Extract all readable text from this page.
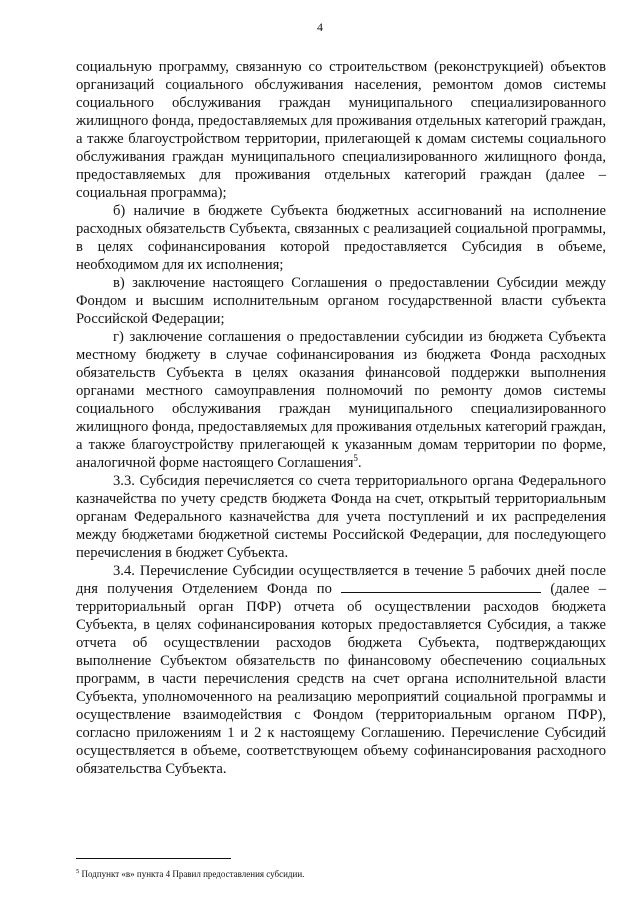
4

социальную программу, связанную со строительством (реконструкцией) объектов организаций социального обслуживания населения, ремонтом домов системы социального обслуживания граждан муниципального специализированного жилищного фонда, предоставляемых для проживания отдельных категорий граждан, а также благоустройством территории, прилегающей к домам системы социального обслуживания граждан муниципального специализированного жилищного фонда, предоставляемых для проживания отдельных категорий граждан (далее – социальная программа);

б) наличие в бюджете Субъекта бюджетных ассигнований на исполнение расходных обязательств Субъекта, связанных с реализацией социальной программы, в целях софинансирования которой предоставляется Субсидия в объеме, необходимом для их исполнения;

в) заключение настоящего Соглашения о предоставлении Субсидии между Фондом и высшим исполнительным органом государственной власти субъекта Российской Федерации;

г) заключение соглашения о предоставлении субсидии из бюджета Субъекта местному бюджету в случае софинансирования из бюджета Фонда расходных обязательств Субъекта в целях оказания финансовой поддержки выполнения органами местного самоуправления полномочий по ремонту домов системы социального обслуживания граждан муниципального специализированного жилищного фонда, предоставляемых для проживания отдельных категорий граждан, а также благоустройству прилегающей к указанным домам территории по форме, аналогичной форме настоящего Соглашения$^5$.

3.3. Субсидия перечисляется со счета территориального органа Федерального казначейства по учету средств бюджета Фонда на счет, открытый территориальным органам Федерального казначейства для учета поступлений и их распределения между бюджетами бюджетной системы Российской Федерации, для последующего перечисления в бюджет Субъекта.

3.4. Перечисление Субсидии осуществляется в течение 5 рабочих дней после дня получения Отделением Фонда по	(далее – территориальный орган ПФР) отчета об осуществлении расходов бюджета Субъекта, в целях софинансирования которых предоставляется Субсидия, а также отчета об осуществлении расходов бюджета Субъекта, подтверждающих выполнение Субъектом обязательств по финансовому обеспечению социальных программ, в части перечисления средств на счет органа исполнительной власти Субъекта, уполномоченного на реализацию мероприятий социальной программы и осуществление взаимодействия с Фондом (территориальным органом ПФР), согласно приложениям 1 и 2 к настоящему Соглашению. Перечисление Субсидий осуществляется в объеме, соответствующем объему софинансирования расходного обязательства Субъекта.

$^5$ Подпункт «в» пункта 4 Правил предоставления субсидии.
